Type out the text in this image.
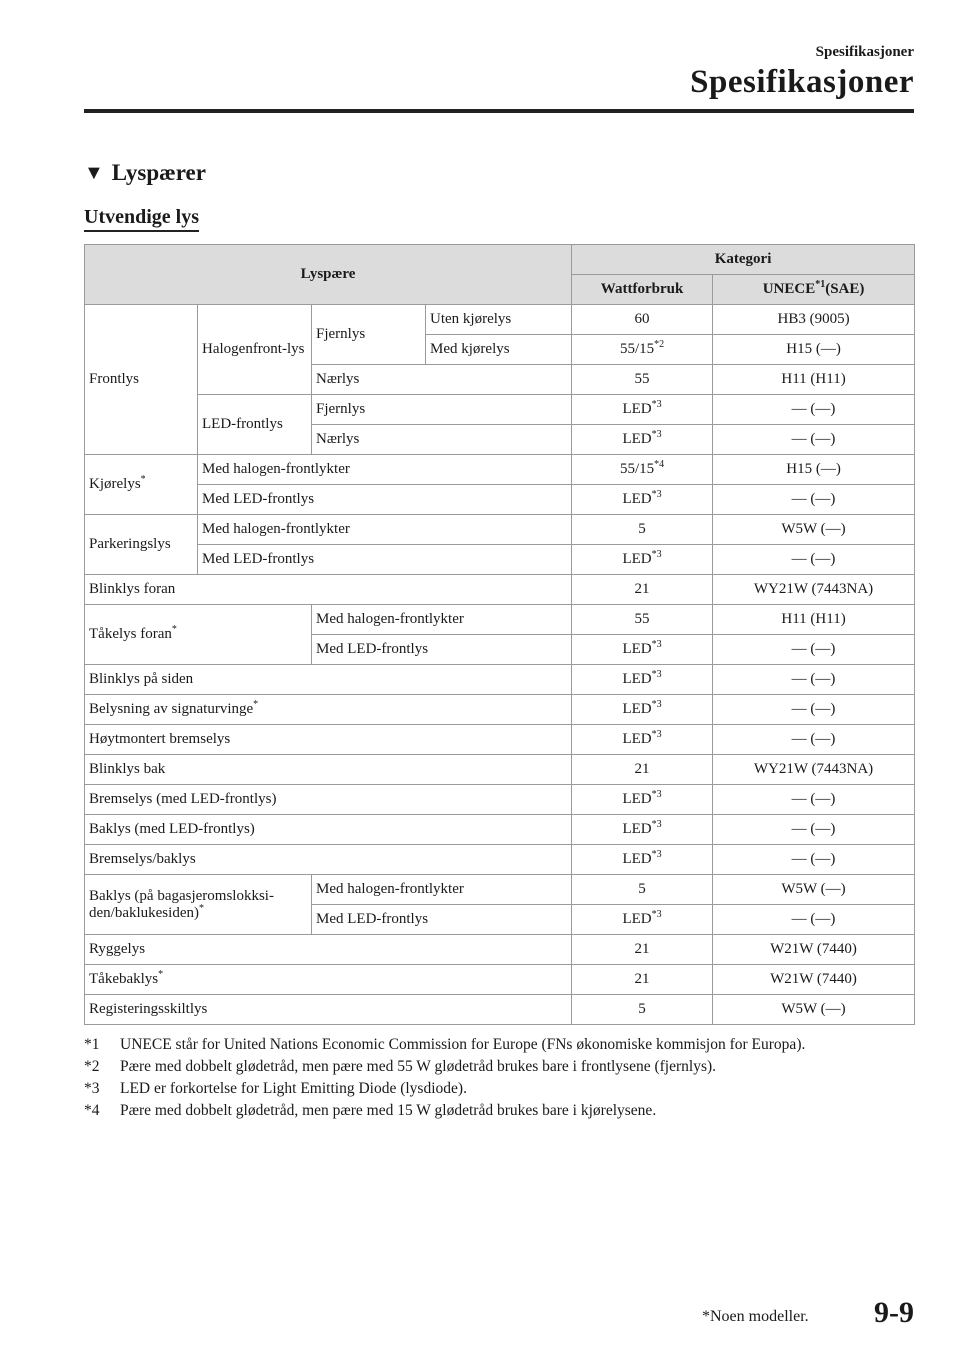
Spesifikasjoner
Spesifikasjoner
▼ Lyspærer
Utvendige lys
Lyspære				Kategori	
				Wattforbruk	UNECE$^{*1}$(SAE)
Frontlys	Halogenfront-lys	Fjernlys	Uten kjørelys	60	HB3 (9005)
			Med kjørelys	55/15$^{*2}$	H15 (—)
		Nærlys		55	H11 (H11)
	LED-frontlys	Fjernlys		LED$^{*3}$	— (—)
		Nærlys		LED$^{*3}$	— (—)
Kjørelys*	Med halogen-frontlykter			55/15$^{*4}$	H15 (—)
	Med LED-frontlys			LED$^{*3}$	— (—)
Parkeringslys	Med halogen-frontlykter			5	W5W (—)
	Med LED-frontlys			LED$^{*3}$	— (—)
Blinklys foran				21	WY21W (7443NA)
Tåkelys foran*		Med halogen-frontlykter		55	H11 (H11)
		Med LED-frontlys		LED$^{*3}$	— (—)
Blinklys på siden				LED$^{*3}$	— (—)
Belysning av signaturvinge*				LED$^{*3}$	— (—)
Høytmontert bremselys				LED$^{*3}$	— (—)
Blinklys bak				21	WY21W (7443NA)
Bremselys (med LED-frontlys)				LED$^{*3}$	— (—)
Baklys (med LED-frontlys)				LED$^{*3}$	— (—)
Bremselys/baklys				LED$^{*3}$	— (—)
Baklys (på bagasjeromslokksi-
den/baklukesiden)*		Med halogen-frontlykter		5	W5W (—)
		Med LED-frontlys		LED$^{*3}$	— (—)
Ryggelys				21	W21W (7440)
Tåkebaklys*				21	W21W (7440)
Registeringsskiltlys				5	W5W (—)
*1	UNECE står for United Nations Economic Commission for Europe (FNs økonomiske kommisjon for Europa).
*2	Pære med dobbelt glødetråd, men pære med 55 W glødetråd brukes bare i frontlysene (fjernlys).
*3	LED er forkortelse for Light Emitting Diode (lysdiode).
*4	Pære med dobbelt glødetråd, men pære med 15 W glødetråd brukes bare i kjørelysene.
*Noen modeller. 9-9
